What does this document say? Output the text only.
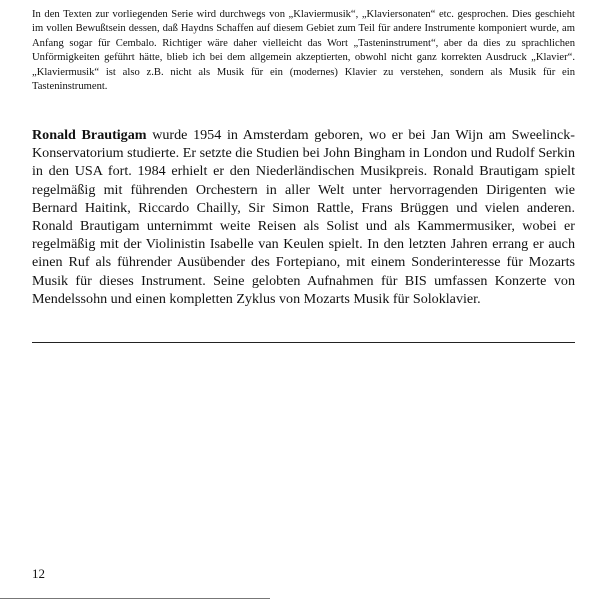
In den Texten zur vorliegenden Serie wird durchwegs von „Klaviermusik“, „Klaviersonaten“ etc. gesprochen. Dies geschieht im vollen Bewußtsein dessen, daß Haydns Schaffen auf diesem Gebiet zum Teil für andere Instrumente komponiert wurde, am Anfang sogar für Cembalo. Richtiger wäre daher vielleicht das Wort „Tasteninstrument“, aber da dies zu sprachlichen Unförmigkeiten geführt hätte, blieb ich bei dem allgemein akzeptierten, obwohl nicht ganz korrekten Ausdruck „Klavier“. „Klaviermusik“ ist also z.B. nicht als Musik für ein (modernes) Klavier zu verstehen, sondern als Musik für ein Tasteninstrument.

Ronald Brautigam wurde 1954 in Amsterdam geboren, wo er bei Jan Wijn am Sweelinck-Konservatorium studierte. Er setzte die Studien bei John Bingham in London und Rudolf Serkin in den USA fort. 1984 erhielt er den Niederländischen Musikpreis. Ronald Brautigam spielt regelmäßig mit führenden Orchestern in aller Welt unter hervorragenden Dirigenten wie Bernard Haitink, Riccardo Chailly, Sir Simon Rattle, Frans Brüggen und vielen anderen. Ronald Brautigam unternimmt weite Reisen als Solist und als Kammermusiker, wobei er regelmäßig mit der Violinistin Isabelle van Keulen spielt. In den letzten Jahren errang er auch einen Ruf als führender Ausübender des Fortepiano, mit einem Sonderinteresse für Mozarts Musik für dieses Instrument. Seine gelobten Aufnahmen für BIS umfassen Konzerte von Mendelssohn und einen kompletten Zyklus von Mozarts Musik für Soloklavier.

12
